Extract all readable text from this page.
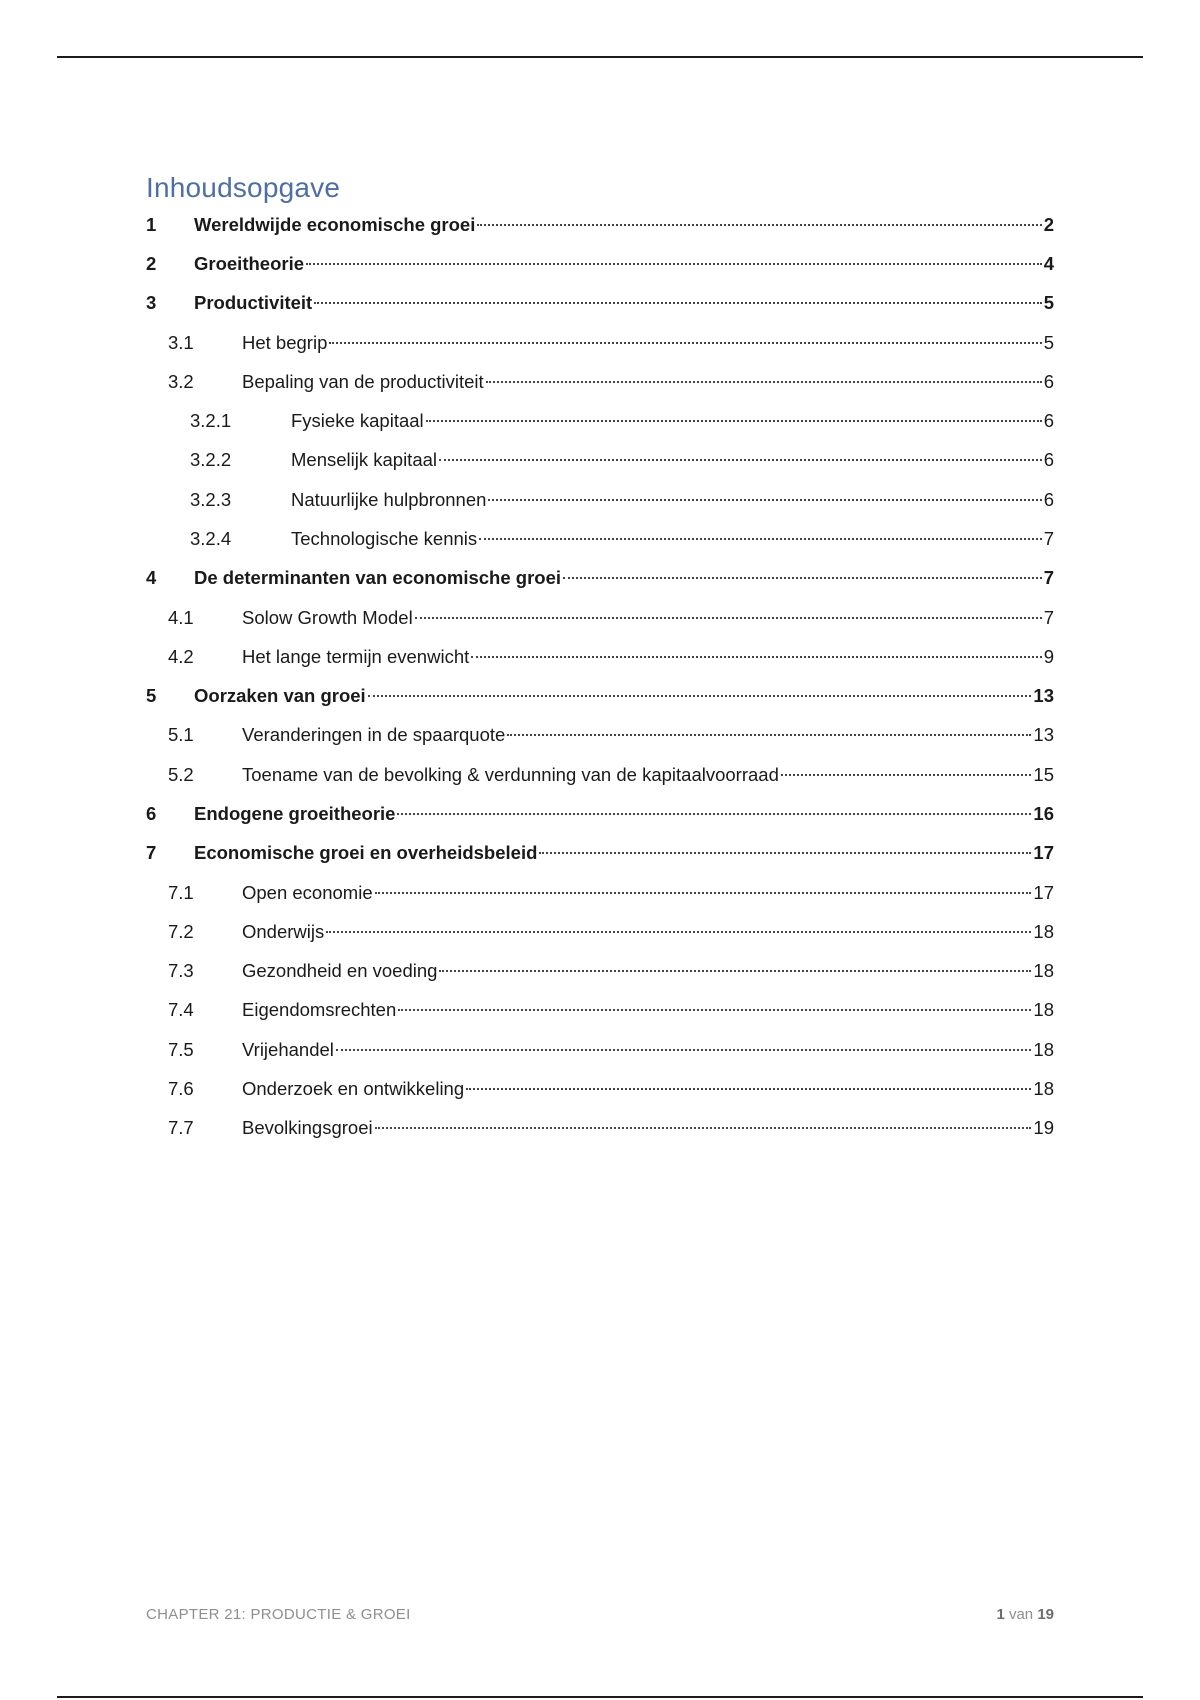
Inhoudsopgave
1	Wereldwijde economische groei	2
2	Groeitheorie	4
3	Productiviteit	5
3.1	Het begrip	5
3.2	Bepaling van de productiviteit	6
3.2.1	Fysieke kapitaal	6
3.2.2	Menselijk kapitaal	6
3.2.3	Natuurlijke hulpbronnen	6
3.2.4	Technologische kennis	7
4	De determinanten van economische groei	7
4.1	Solow Growth Model	7
4.2	Het lange termijn evenwicht	9
5	Oorzaken van groei	13
5.1	Veranderingen in de spaarquote	13
5.2	Toename van de bevolking & verdunning van de kapitaalvoorraad	15
6	Endogene groeitheorie	16
7	Economische groei en overheidsbeleid	17
7.1	Open economie	17
7.2	Onderwijs	18
7.3	Gezondheid en voeding	18
7.4	Eigendomsrechten	18
7.5	Vrijehandel	18
7.6	Onderzoek en ontwikkeling	18
7.7	Bevolkingsgroei	19
CHAPTER 21: PRODUCTIE & GROEI	1 van 19
